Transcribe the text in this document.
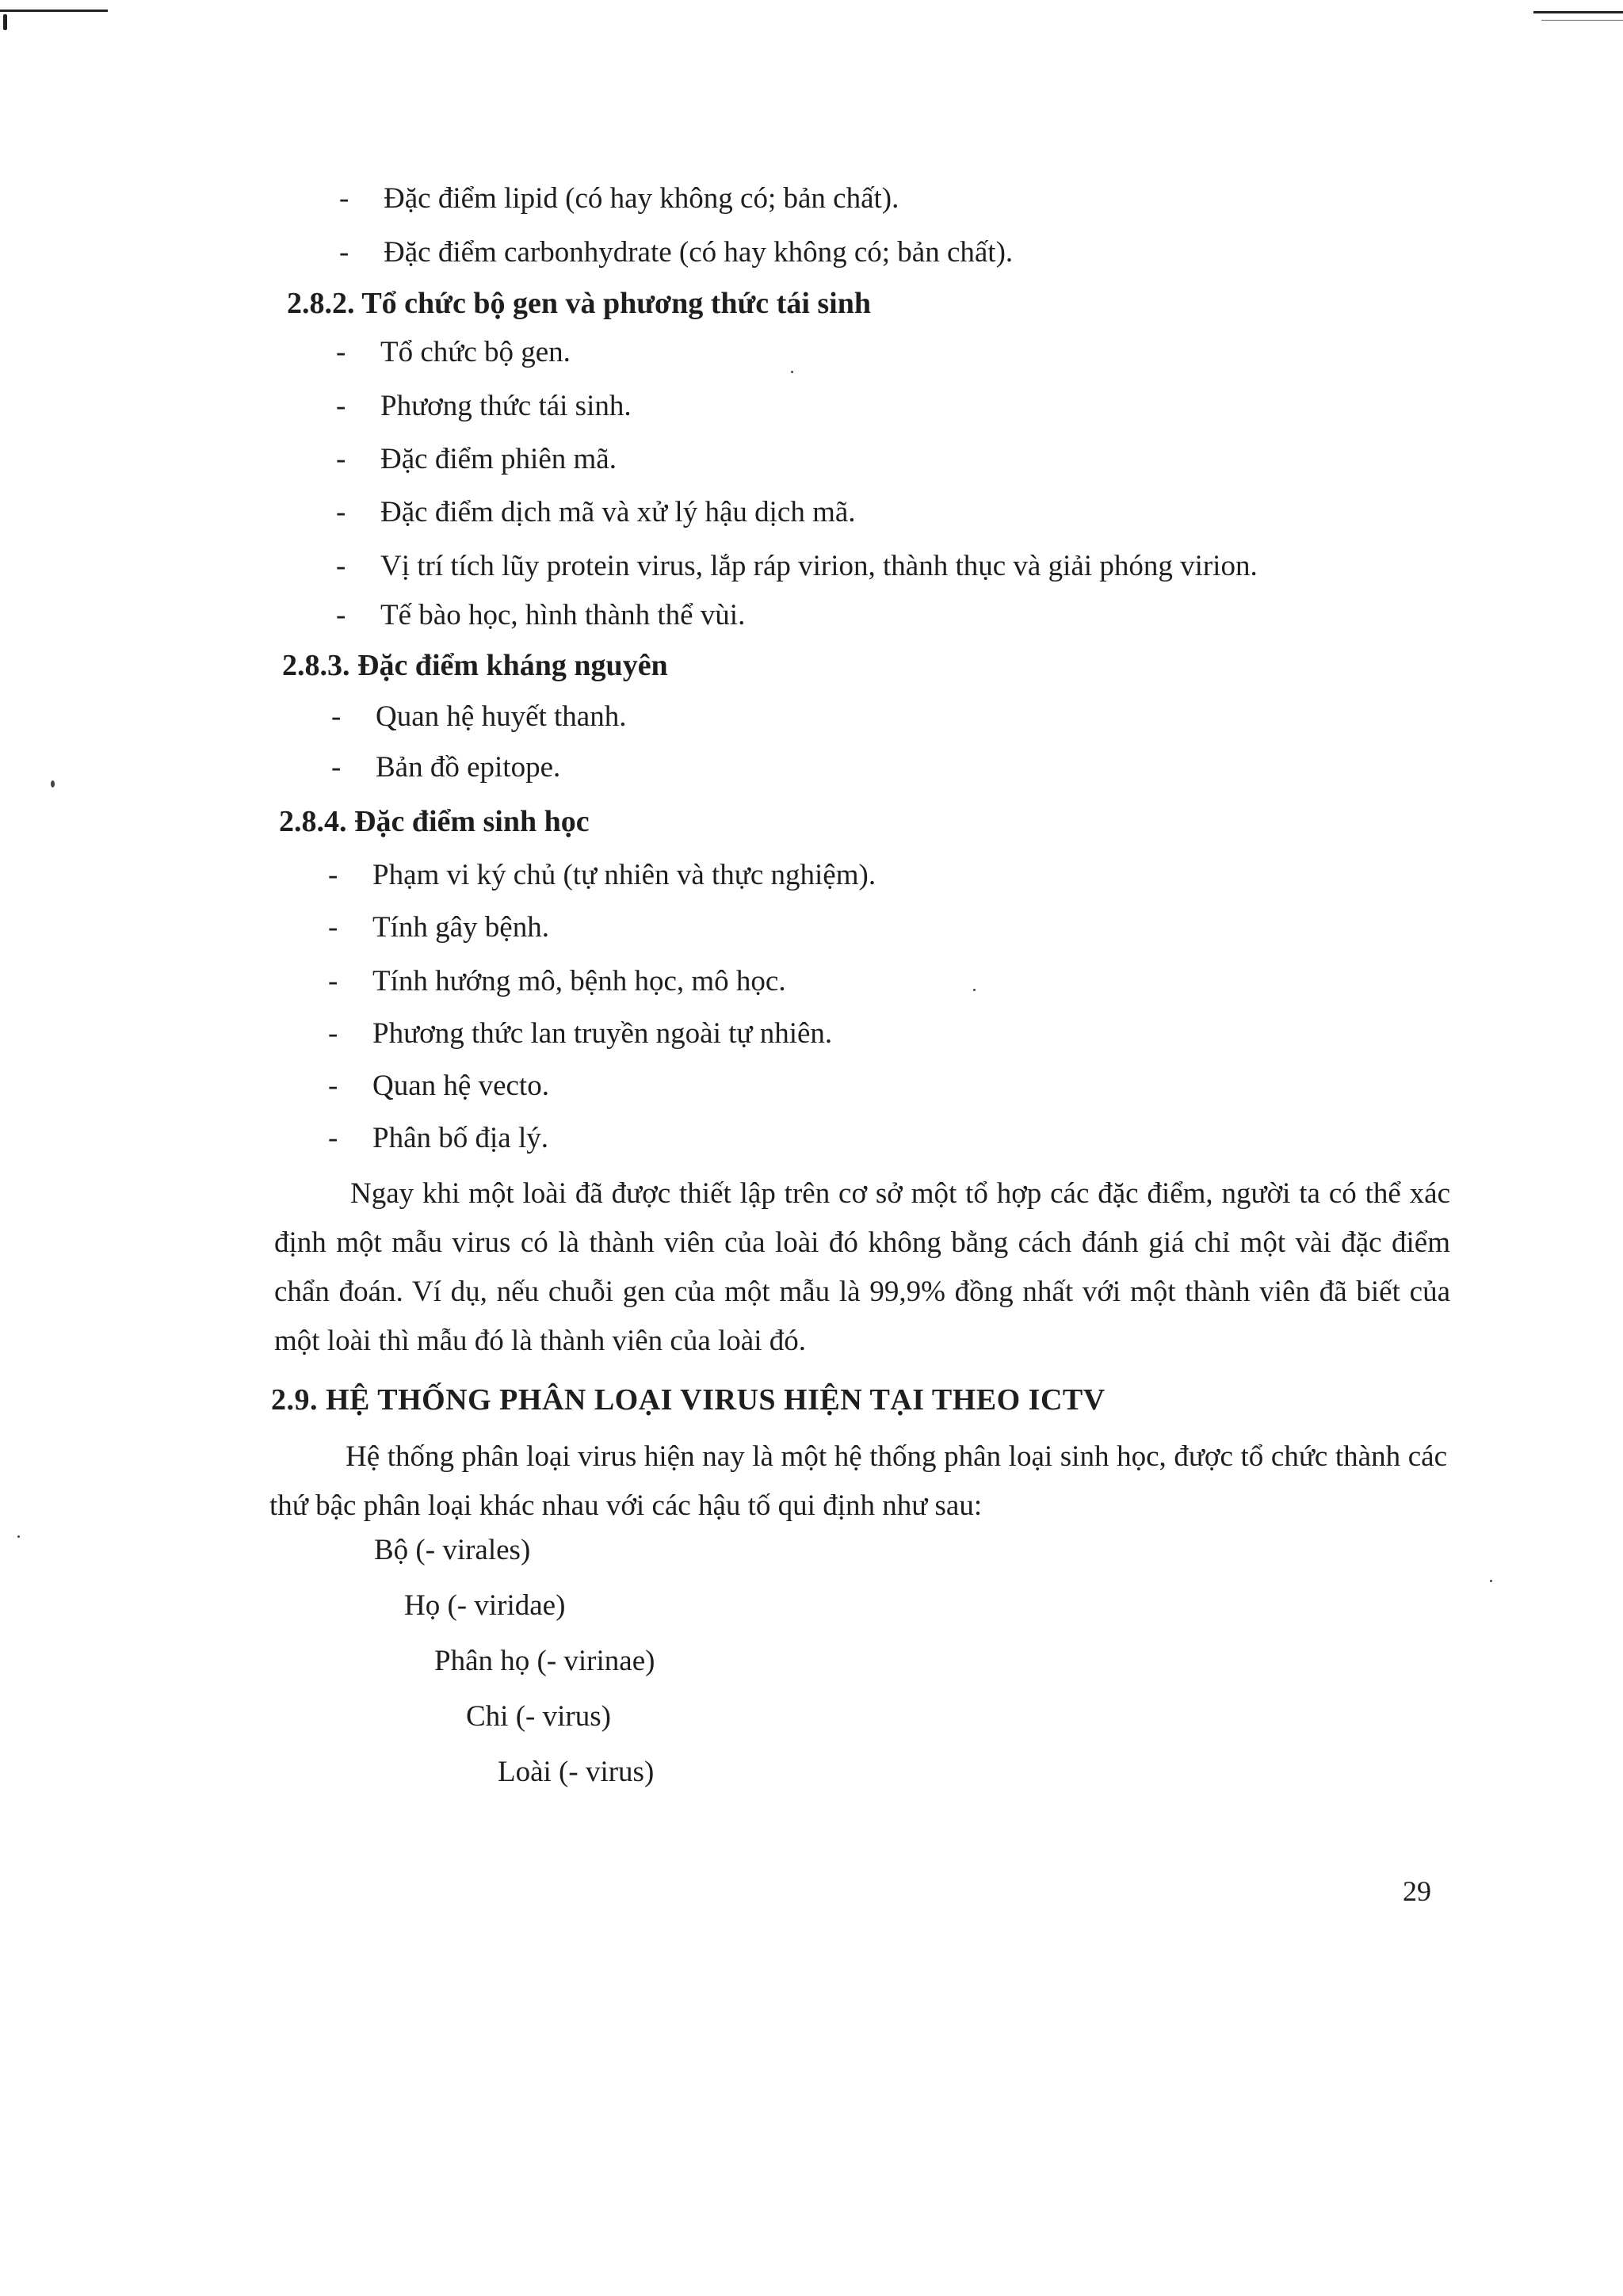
-	Đặc điểm lipid (có hay không có; bản chất).
-	Đặc điểm carbonhydrate (có hay không có; bản chất).
2.8.2. Tổ chức bộ gen và phương thức tái sinh
-	Tổ chức bộ gen.
-	Phương thức tái sinh.
-	Đặc điểm phiên mã.
-	Đặc điểm dịch mã và xử lý hậu dịch mã.
-	Vị trí tích lũy protein virus, lắp ráp virion, thành thục và giải phóng virion.
-	Tế bào học, hình thành thể vùi.
2.8.3. Đặc điểm kháng nguyên
-	Quan hệ huyết thanh.
-	Bản đồ epitope.
2.8.4. Đặc điểm sinh học
-	Phạm vi ký chủ (tự nhiên và thực nghiệm).
-	Tính gây bệnh.
-	Tính hướng mô, bệnh học, mô học.
-	Phương thức lan truyền ngoài tự nhiên.
-	Quan hệ vecto.
-	Phân bố địa lý.
Ngay khi một loài đã được thiết lập trên cơ sở một tổ hợp các đặc điểm, người ta có thể xác định một mẫu virus có là thành viên của loài đó không bằng cách đánh giá chỉ một vài đặc điểm chẩn đoán. Ví dụ, nếu chuỗi gen của một mẫu là 99,9% đồng nhất với một thành viên đã biết của một loài thì mẫu đó là thành viên của loài đó.
2.9. HỆ THỐNG PHÂN LOẠI VIRUS HIỆN TẠI THEO ICTV
Hệ thống phân loại virus hiện nay là một hệ thống phân loại sinh học, được tổ chức thành các thứ bậc phân loại khác nhau với các hậu tố qui định như sau:
Bộ (- virales)
Họ (- viridae)
Phân họ (- virinae)
Chi (- virus)
Loài (- virus)
29
